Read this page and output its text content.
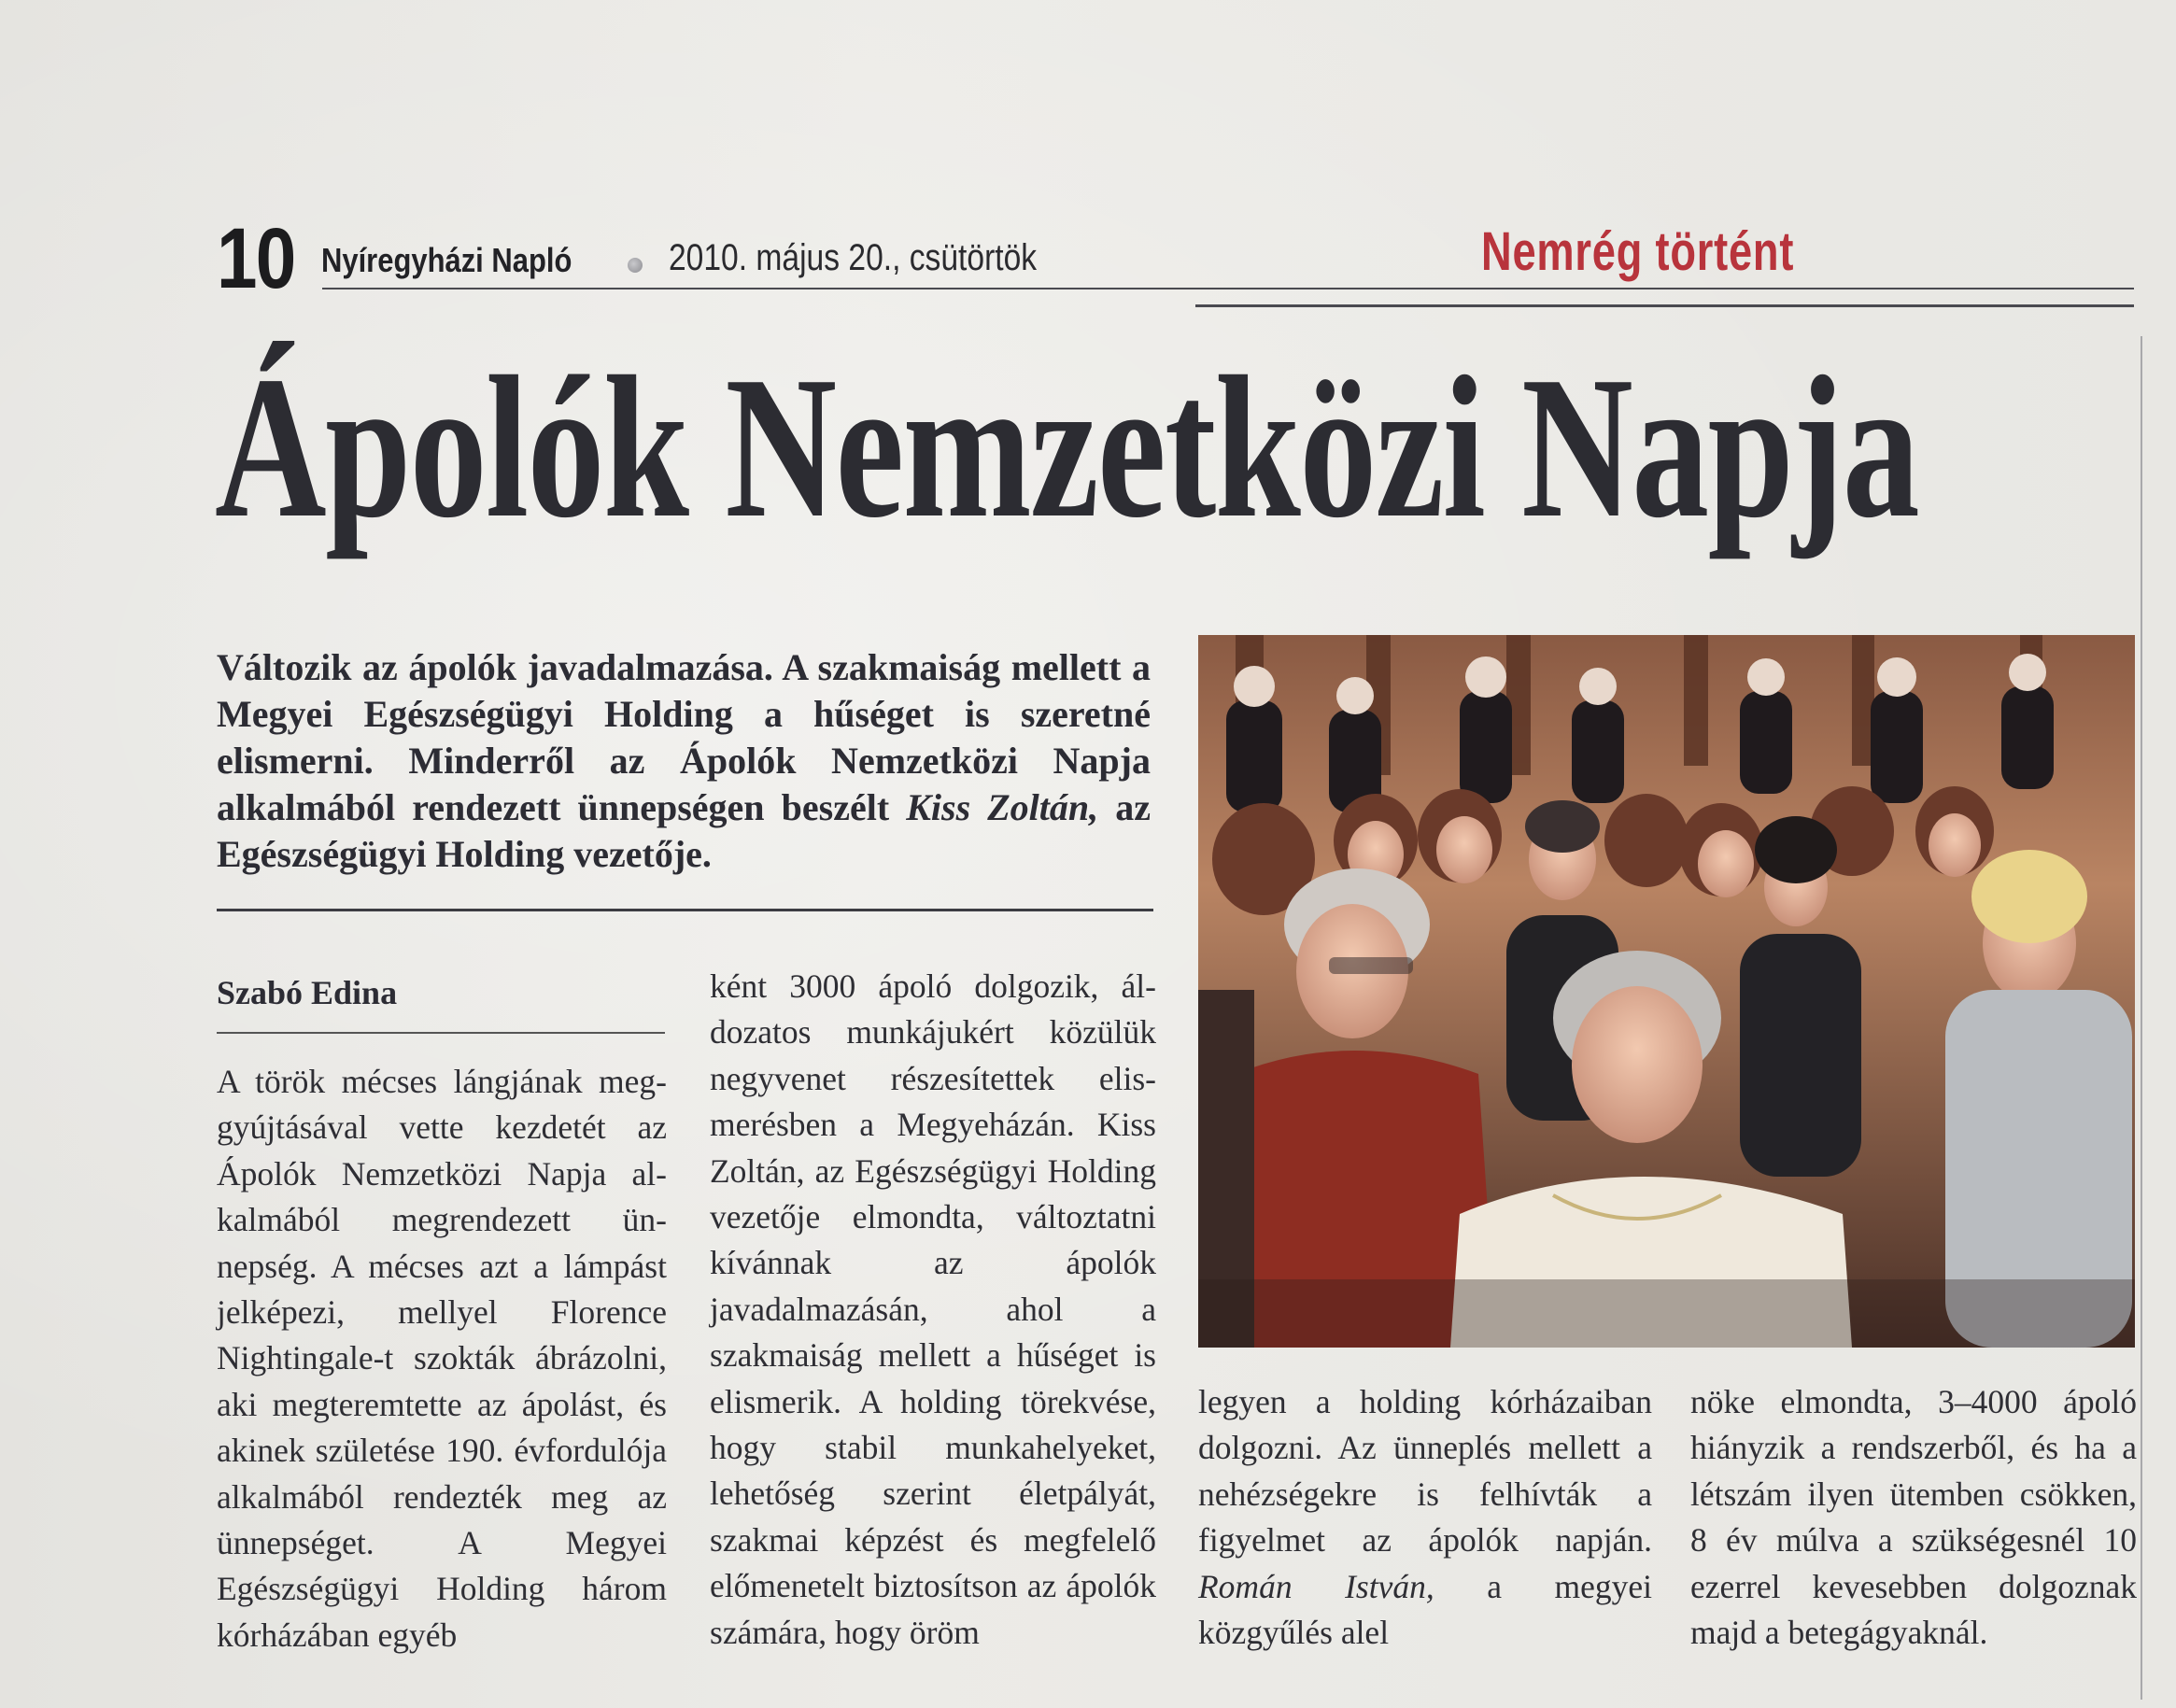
10 Nyíregyházi Napló	2010. május 20., csütörtök	Nemrég történt
Ápolók Nemzetközi Napja
Változik az ápolók javadalmazása. A szakmaiság mellett a Megyei Egészségügyi Holding a hűséget is szeretné elismerni. Minderről az Ápolók Nemzetközi Napja alkalmából rendezett ünnepségen beszélt Kiss Zoltán, az Egészségügyi Holding vezetője.
Szabó Edina

A török mécses lángjának meggyújtásával vette kezdetét az Ápolók Nemzetközi Napja alkalmából megrendezett ünnepség. A mécses azt a lámpást jelképezi, mellyel Florence Nightingale-t szokták ábrázolni, aki megteremtette az ápolást, és akinek születése 190. évfordulója alkalmából rendezték meg az ünnepséget. A Megyei Egészségügyi Holding három kórházában egyéb

ként 3000 ápoló dolgozik, áldozatos munkájukért közülük negyvenet részesítettek elismerésben a Megyeházán. Kiss Zoltán, az Egészségügyi Holding vezetője elmondta, változtatni kívánnak az ápolók javadalmazásán, ahol a szakmaiság mellett a hűséget is elismerik. A holding törekvése, hogy stabil munkahelyeket, lehetőség szerint életpályát, szakmai képzést és megfelelő előmenetelt biztosítson az ápolók számára, hogy öröm

legyen a holding kórházaiban dolgozni. Az ünneplés mellett a nehézségekre is felhívták a figyelmet az ápolók napján. Román István, a megyei közgyűlés alel

nöke elmondta, 3–4000 ápoló hiányzik a rendszerből, és ha a létszám ilyen ütemben csökken, 8 év múlva a szükségesnél 10 ezerrel kevesebben dolgoznak majd a betegágyaknál.
